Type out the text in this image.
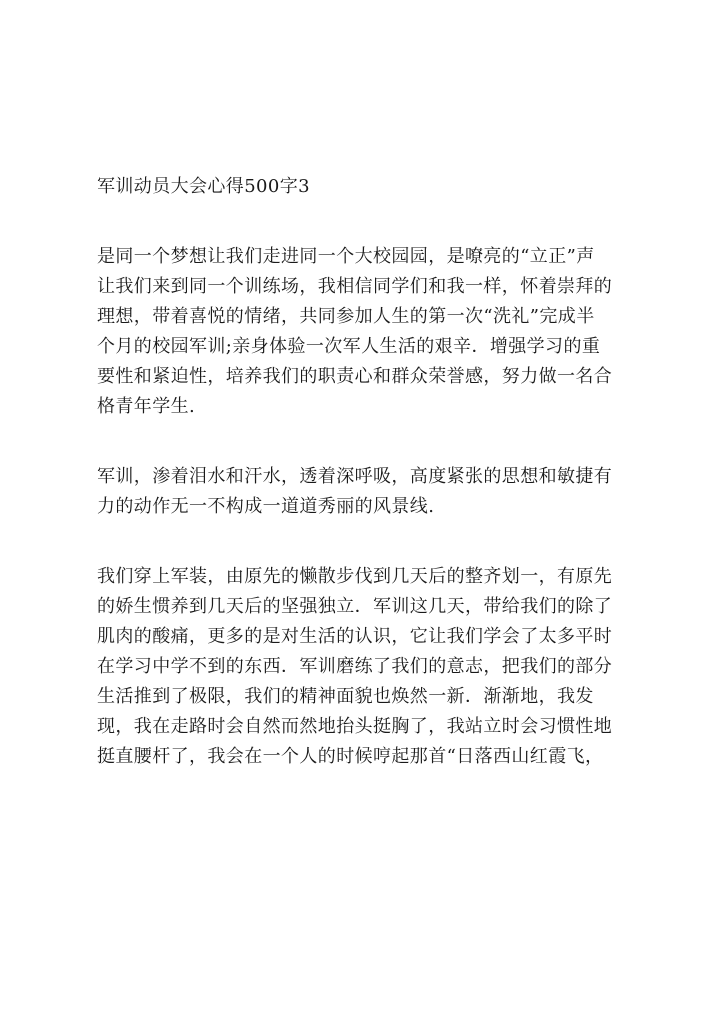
军训动员大会心得500字3
是同一个梦想让我们走进同一个大校园园，是嘹亮的“立正”声
让我们来到同一个训练场，我相信同学们和我一样，怀着崇拜的
理想，带着喜悦的情绪，共同参加人生的第一次“洗礼”完成半
个月的校园军训;亲身体验一次军人生活的艰辛．增强学习的重
要性和紧迫性，培养我们的职责心和群众荣誉感，努力做一名合
格青年学生.
军训，渗着泪水和汗水，透着深呼吸，高度紧张的思想和敏捷有
力的动作无一不构成一道道秀丽的风景线.
我们穿上军装，由原先的懒散步伐到几天后的整齐划一，有原先
的娇生惯养到几天后的坚强独立．军训这几天，带给我们的除了
肌肉的酸痛，更多的是对生活的认识，它让我们学会了太多平时
在学习中学不到的东西．军训磨练了我们的意志，把我们的部分
生活推到了极限，我们的精神面貌也焕然一新．渐渐地，我发
现，我在走路时会自然而然地抬头挺胸了，我站立时会习惯性地
挺直腰杆了，我会在一个人的时候哼起那首“日落西山红霞飞，
